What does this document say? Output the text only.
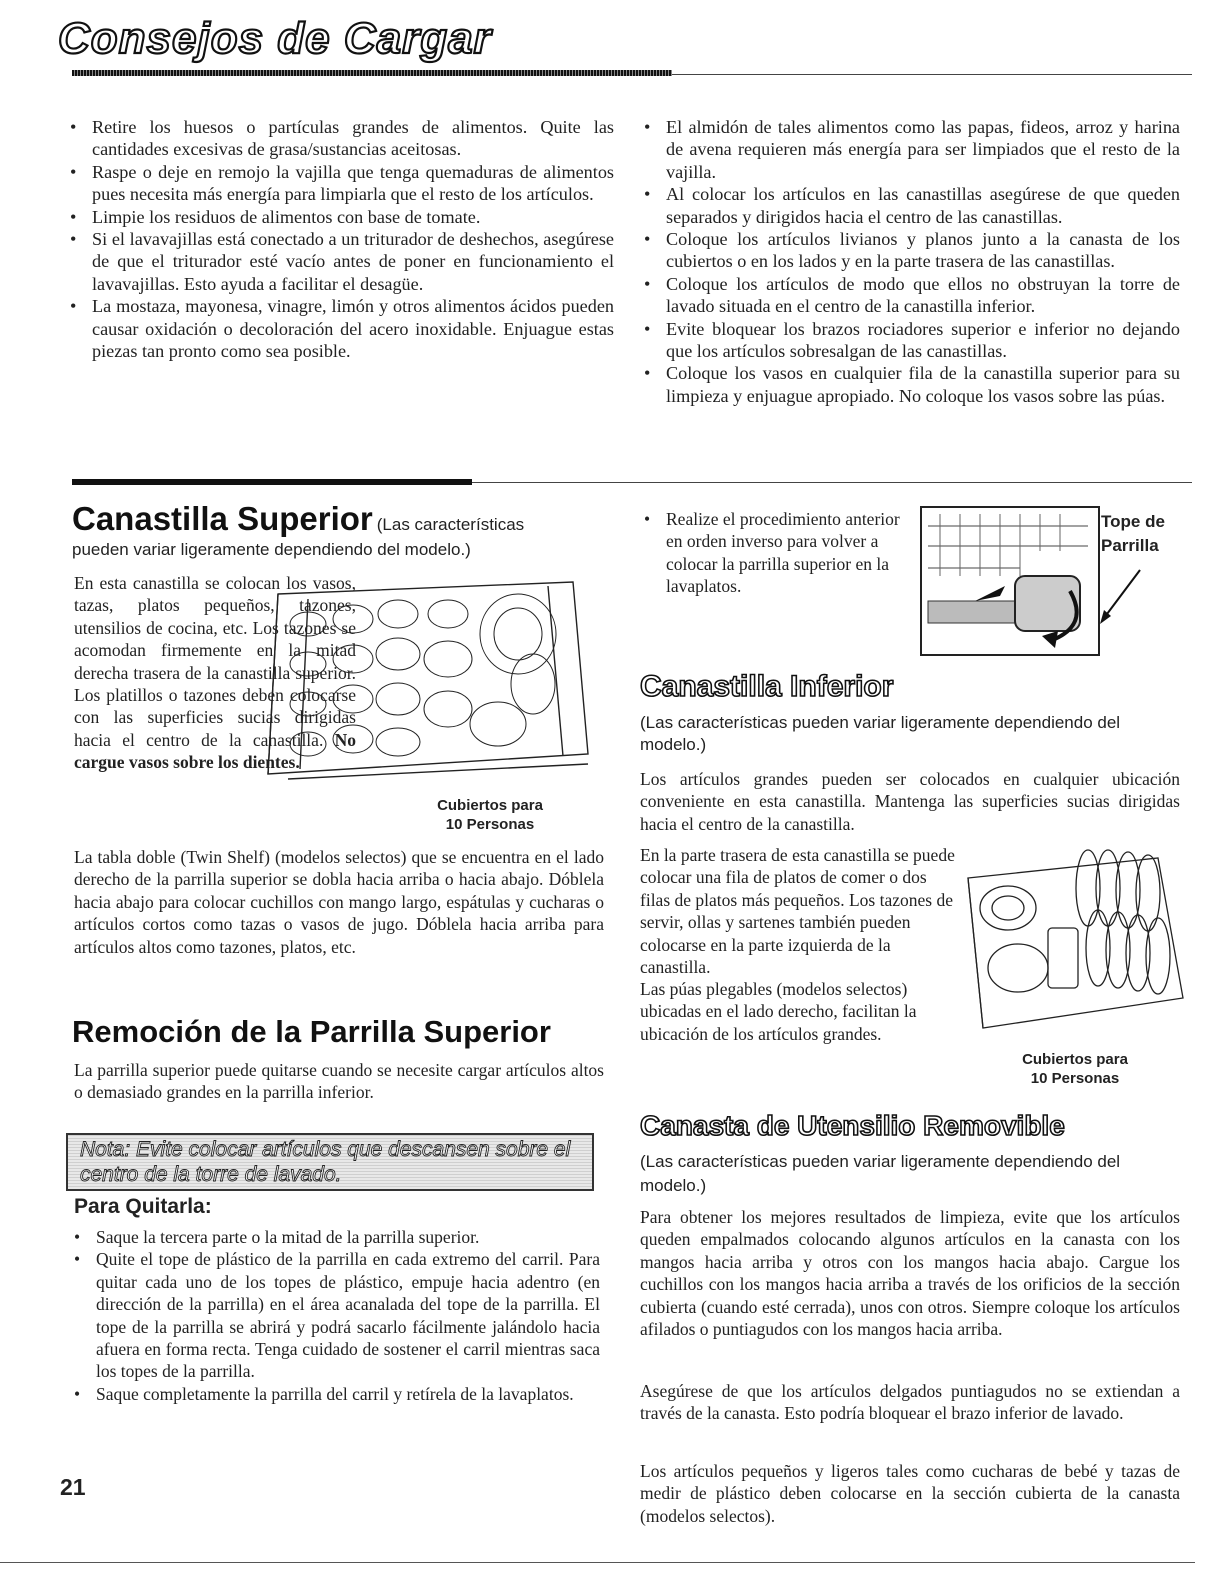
Consejos de Cargar
• Retire los huesos o partículas grandes de alimentos. Quite las cantidades excesivas de grasa/sustancias aceitosas.
• Raspe o deje en remojo la vajilla que tenga quemaduras de alimentos pues necesita más energía para limpiarla que el resto de los artículos.
• Limpie los residuos de alimentos con base de tomate.
• Si el lavavajillas está conectado a un triturador de deshechos, asegúrese de que el triturador esté vacío antes de poner en funcionamiento el lavavajillas. Esto ayuda a facilitar el desagüe.
• La mostaza, mayonesa, vinagre, limón y otros alimentos ácidos pueden causar oxidación o decoloración del acero inoxidable. Enjuague estas piezas tan pronto como sea posible.
• El almidón de tales alimentos como las papas, fideos, arroz y harina de avena requieren más energía para ser limpiados que el resto de la vajilla.
• Al colocar los artículos en las canastillas asegúrese de que queden separados y dirigidos hacia el centro de las canastillas.
• Coloque los artículos livianos y planos junto a la canasta de los cubiertos o en los lados y en la parte trasera de las canastillas.
• Coloque los artículos de modo que ellos no obstruyan la torre de lavado situada en el centro de la canastilla inferior.
• Evite bloquear los brazos rociadores superior e inferior no dejando que los artículos sobresalgan de las canastillas.
• Coloque los vasos en cualquier fila de la canastilla superior para su limpieza y enjuague apropiado. No coloque los vasos sobre las púas.
Canastilla Superior (Las características
pueden variar ligeramente dependiendo del modelo.)

En esta canastilla se colocan los vasos, tazas, platos pequeños, tazones, utensilios de cocina, etc. Los tazones se acomodan firmemente en la mitad derecha trasera de la canastilla superior. Los platillos o tazones deben colocarse con las superficies sucias dirigidas hacia el centro de la canastilla. No cargue vasos sobre los dientes.

Cubiertos para
10 Personas

La tabla doble (Twin Shelf) (modelos selectos) que se encuentra en el lado derecho de la parrilla superior se dobla hacia arriba o hacia abajo. Dóblela hacia abajo para colocar cuchillos con mango largo, espátulas y cucharas o artículos cortos como tazas o vasos de jugo. Dóblela hacia arriba para artículos altos como tazones, platos, etc.

Remoción de la Parrilla Superior

La parrilla superior puede quitarse cuando se necesite cargar artículos altos o demasiado grandes en la parrilla inferior.

Nota: Evite colocar artículos que descansen sobre el centro de la torre de lavado.
Para Quitarla:
• Saque la tercera parte o la mitad de la parrilla superior.
• Quite el tope de plástico de la parrilla en cada extremo del carril. Para quitar cada uno de los topes de plástico, empuje hacia adentro (en dirección de la parrilla) en el área acanalada del tope de la parrilla. El tope de la parrilla se abrirá y podrá sacarlo fácilmente jalándolo hacia afuera en forma recta. Tenga cuidado de sostener el carril mientras saca los topes de la parrilla.
• Saque completamente la parrilla del carril y retírela de la lavaplatos.
21
• Realize el procedimiento anterior en orden inverso para volver a colocar la parrilla superior en la lavaplatos.
Tope de
Parrilla
Canastilla Inferior
(Las características pueden variar ligeramente dependiendo del modelo.)

Los artículos grandes pueden ser colocados en cualquier ubicación conveniente en esta canastilla. Mantenga las superficies sucias dirigidas hacia el centro de la canastilla.

En la parte trasera de esta canastilla se puede colocar una fila de platos de comer o dos filas de platos más pequeños. Los tazones de servir, ollas y sartenes también pueden colocarse en la parte izquierda de la canastilla.

Las púas plegables (modelos selectos) ubicadas en el lado derecho, facilitan la ubicación de los artículos grandes.

Cubiertos para
10 Personas
Canasta de Utensilio Removible
(Las características pueden variar ligeramente dependiendo del modelo.)

Para obtener los mejores resultados de limpieza, evite que los artículos queden empalmados colocando algunos artículos en la canasta con los mangos hacia arriba y otros con los mangos hacia abajo. Cargue los cuchillos con los mangos hacia arriba a través de los orificios de la sección cubierta (cuando esté cerrada), unos con otros. Siempre coloque los artículos afilados o puntiagudos con los mangos hacia arriba.

Asegúrese de que los artículos delgados puntiagudos no se extiendan a través de la canasta. Esto podría bloquear el brazo inferior de lavado.

Los artículos pequeños y ligeros tales como cucharas de bebé y tazas de medir de plástico deben colocarse en la sección cubierta de la canasta (modelos selectos).
